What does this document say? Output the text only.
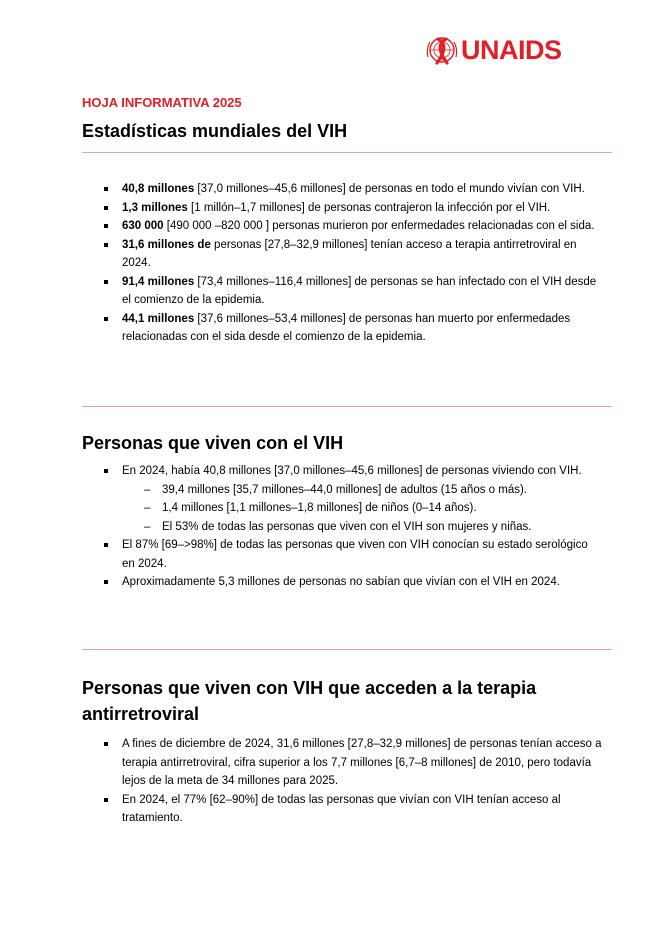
UNAIDS

HOJA INFORMATIVA 2025

Estadísticas mundiales del VIH
40,8 millones [37,0 millones–45,6 millones] de personas en todo el mundo vivían con VIH.
1,3 millones [1 millón–1,7 millones] de personas contrajeron la infección por el VIH.
630 000 [490 000 –820 000 ] personas murieron por enfermedades relacionadas con el sida.
31,6 millones de personas [27,8–32,9 millones] tenían acceso a terapia antirretroviral en 2024.
91,4 millones [73,4 millones–116,4 millones] de personas se han infectado con el VIH desde el comienzo de la epidemia.
44,1 millones [37,6 millones–53,4 millones] de personas han muerto por enfermedades relacionadas con el sida desde el comienzo de la epidemia.
Personas que viven con el VIH
En 2024, había 40,8 millones [37,0 millones–45,6 millones] de personas viviendo con VIH.
– 39,4 millones [35,7 millones–44,0 millones] de adultos (15 años o más).
– 1,4 millones [1,1 millones–1,8 millones] de niños (0–14 años).
– El 53% de todas las personas que viven con el VIH son mujeres y niñas.
El 87% [69–>98%] de todas las personas que viven con VIH conocían su estado serológico en 2024.
Aproximadamente 5,3 millones de personas no sabían que vivían con el VIH en 2024.
Personas que viven con VIH que acceden a la terapia antirretroviral
A fines de diciembre de 2024, 31,6 millones [27,8–32,9 millones] de personas tenían acceso a terapia antirretroviral, cifra superior a los 7,7 millones [6,7–8 millones] de 2010, pero todavía lejos de la meta de 34 millones para 2025.
En 2024, el 77% [62–90%] de todas las personas que vivían con VIH tenían acceso al tratamiento.
